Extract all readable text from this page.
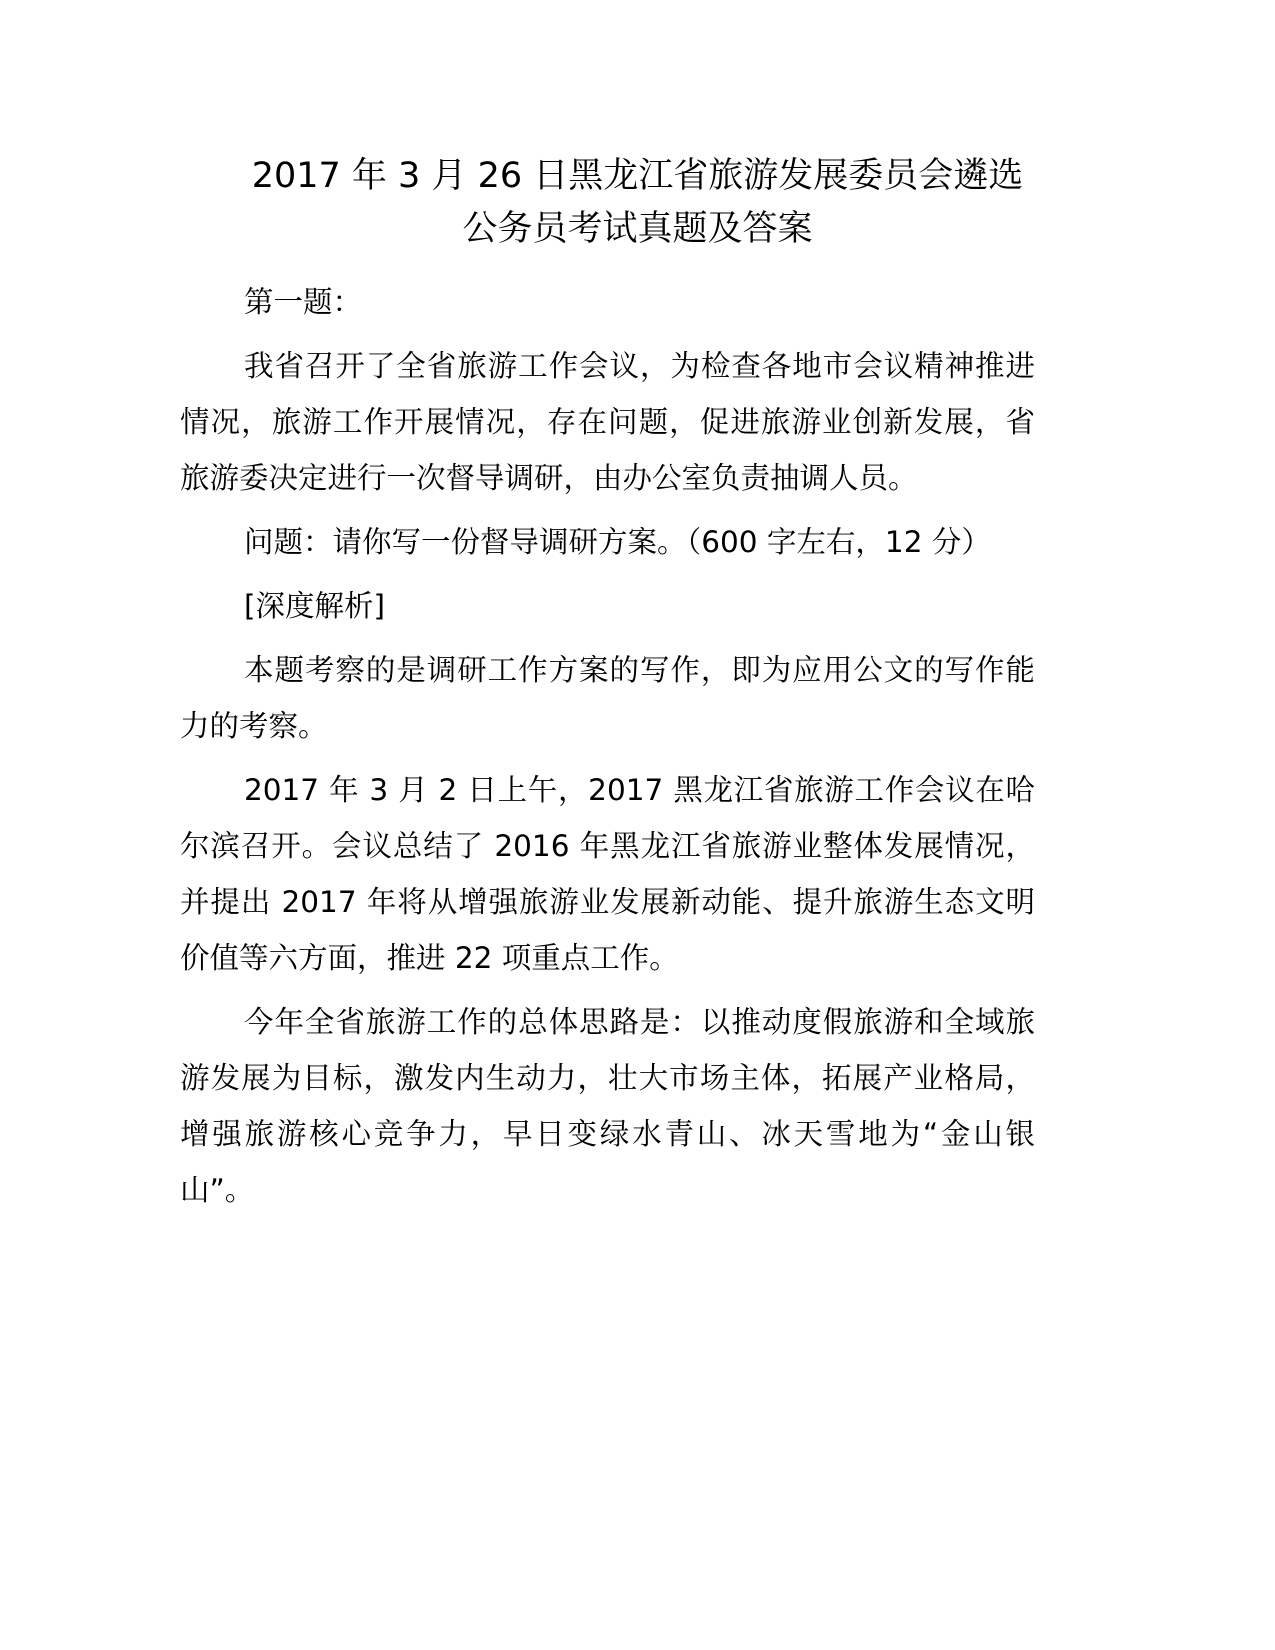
2017 年 3 月 26 日黑龙江省旅游发展委员会遴选
公务员考试真题及答案

第一题：

我省召开了全省旅游工作会议，为检查各地市会议精神推进情况，旅游工作开展情况，存在问题，促进旅游业创新发展，省旅游委决定进行一次督导调研，由办公室负责抽调人员。

问题：请你写一份督导调研方案。（600 字左右，12 分）

[深度解析]

本题考察的是调研工作方案的写作，即为应用公文的写作能力的考察。

2017 年 3 月 2 日上午，2017 黑龙江省旅游工作会议在哈尔滨召开。会议总结了 2016 年黑龙江省旅游业整体发展情况，并提出 2017 年将从增强旅游业发展新动能、提升旅游生态文明价值等六方面，推进 22 项重点工作。

今年全省旅游工作的总体思路是：以推动度假旅游和全域旅游发展为目标，激发内生动力，壮大市场主体，拓展产业格局，增强旅游核心竞争力，早日变绿水青山、冰天雪地为“金山银山”。
